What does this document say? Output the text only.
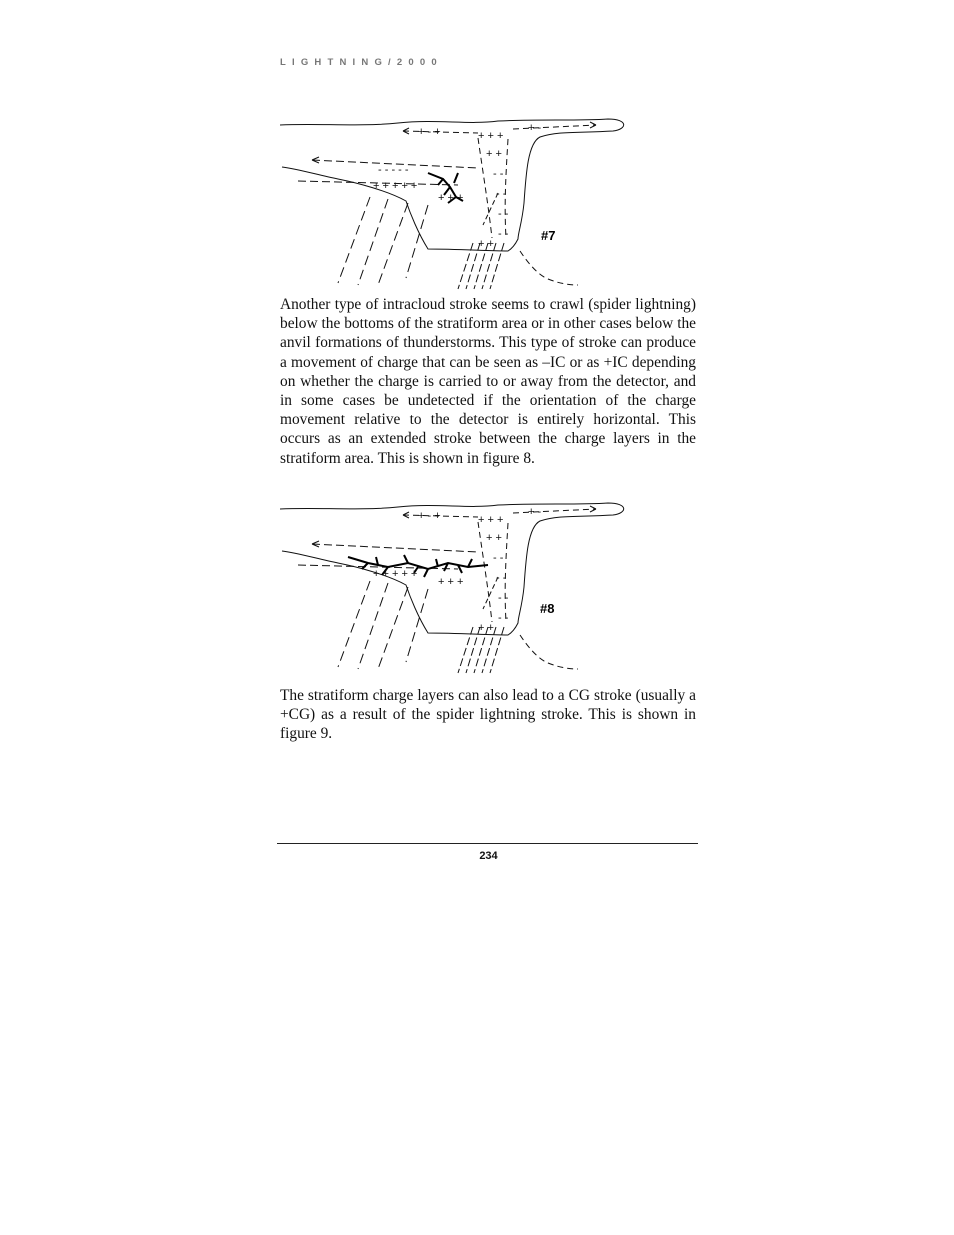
LIGHTNING/2000
+ - +	+ + +
+ +
+ -
+ + + + +
+ + +
- -
- -
- -
- -
+ +
- - - - -
#7

Another type of intracloud stroke seems to crawl (spider lightning) below the bottoms of the stratiform area or in other cases below the anvil formations of thunderstorms. This type of stroke can produce a movement of charge that can be seen as –IC or as +IC depending on whether the charge is carried to or away from the detector, and in some cases be undetected if the orientation of the charge movement relative to the detector is entirely horizontal. This occurs as an extended stroke between the charge layers in the stratiform area. This is shown in figure 8.

+ - +	+ + +
+ +
+ -
+ + + + +
+ + +
- -
- -
- -
- -
+ +
#8

The stratiform charge layers can also lead to a CG stroke (usually a +CG) as a result of the spider lightning stroke. This is shown in figure 9.

234
